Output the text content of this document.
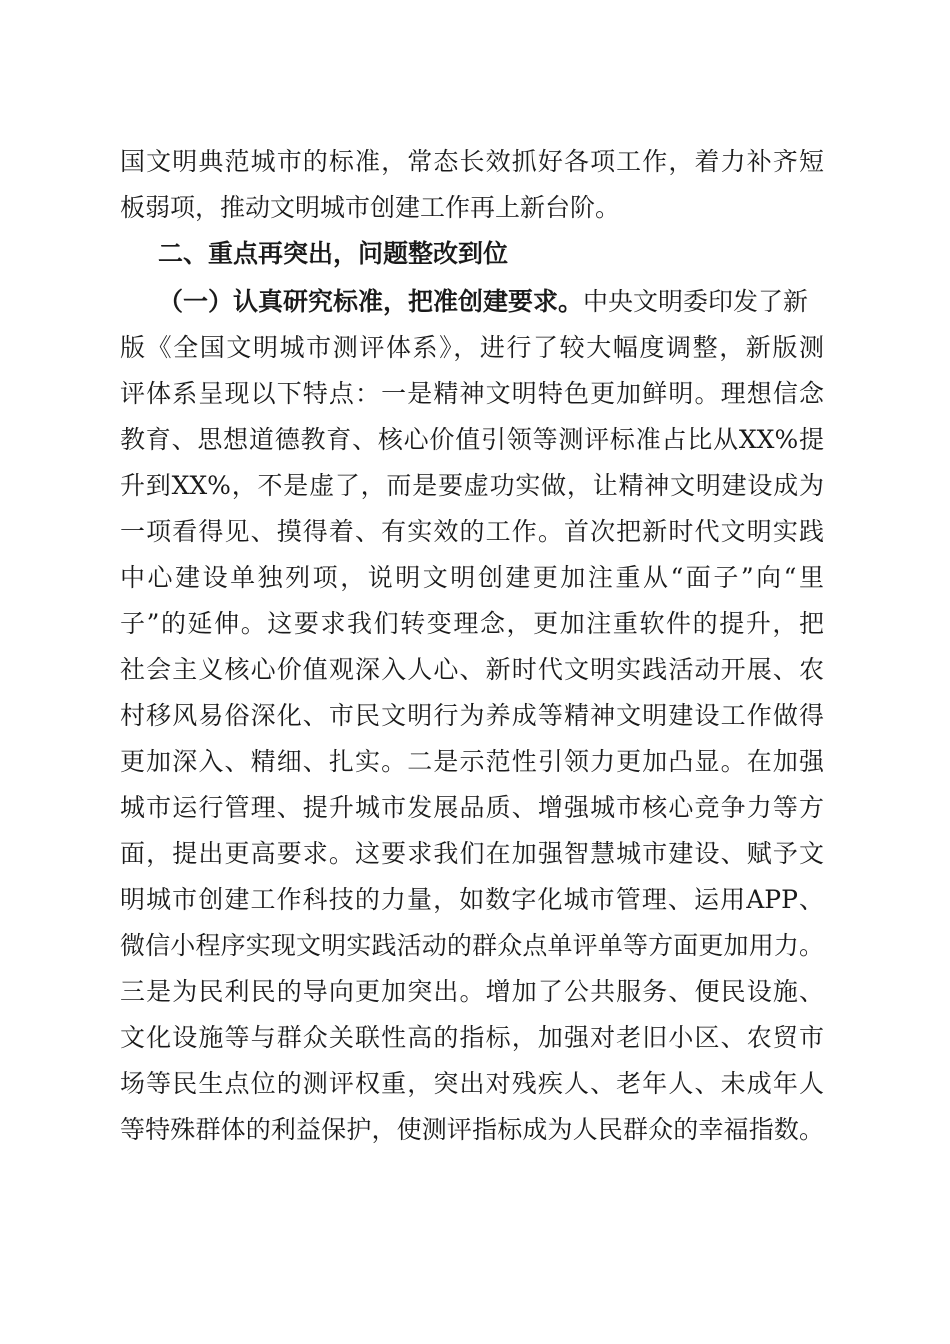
国文明典范城市的标准，常态长效抓好各项工作，着力补齐短
板弱项，推动文明城市创建工作再上新台阶。
二、重点再突出，问题整改到位
（一）认真研究标准，把准创建要求。中央文明委印发了新
版《全国文明城市测评体系》，进行了较大幅度调整，新版测
评体系呈现以下特点：一是精神文明特色更加鲜明。理想信念
教育、思想道德教育、核心价值引领等测评标准占比从XX%提
升到XX%，不是虚了，而是要虚功实做，让精神文明建设成为
一项看得见、摸得着、有实效的工作。首次把新时代文明实践
中心建设单独列项，说明文明创建更加注重从“面子”向“里
子”的延伸。这要求我们转变理念，更加注重软件的提升，把
社会主义核心价值观深入人心、新时代文明实践活动开展、农
村移风易俗深化、市民文明行为养成等精神文明建设工作做得
更加深入、精细、扎实。二是示范性引领力更加凸显。在加强
城市运行管理、提升城市发展品质、增强城市核心竞争力等方
面，提出更高要求。这要求我们在加强智慧城市建设、赋予文
明城市创建工作科技的力量，如数字化城市管理、运用APP、
微信小程序实现文明实践活动的群众点单评单等方面更加用力。
三是为民利民的导向更加突出。增加了公共服务、便民设施、
文化设施等与群众关联性高的指标，加强对老旧小区、农贸市
场等民生点位的测评权重，突出对残疾人、老年人、未成年人
等特殊群体的利益保护，使测评指标成为人民群众的幸福指数。
